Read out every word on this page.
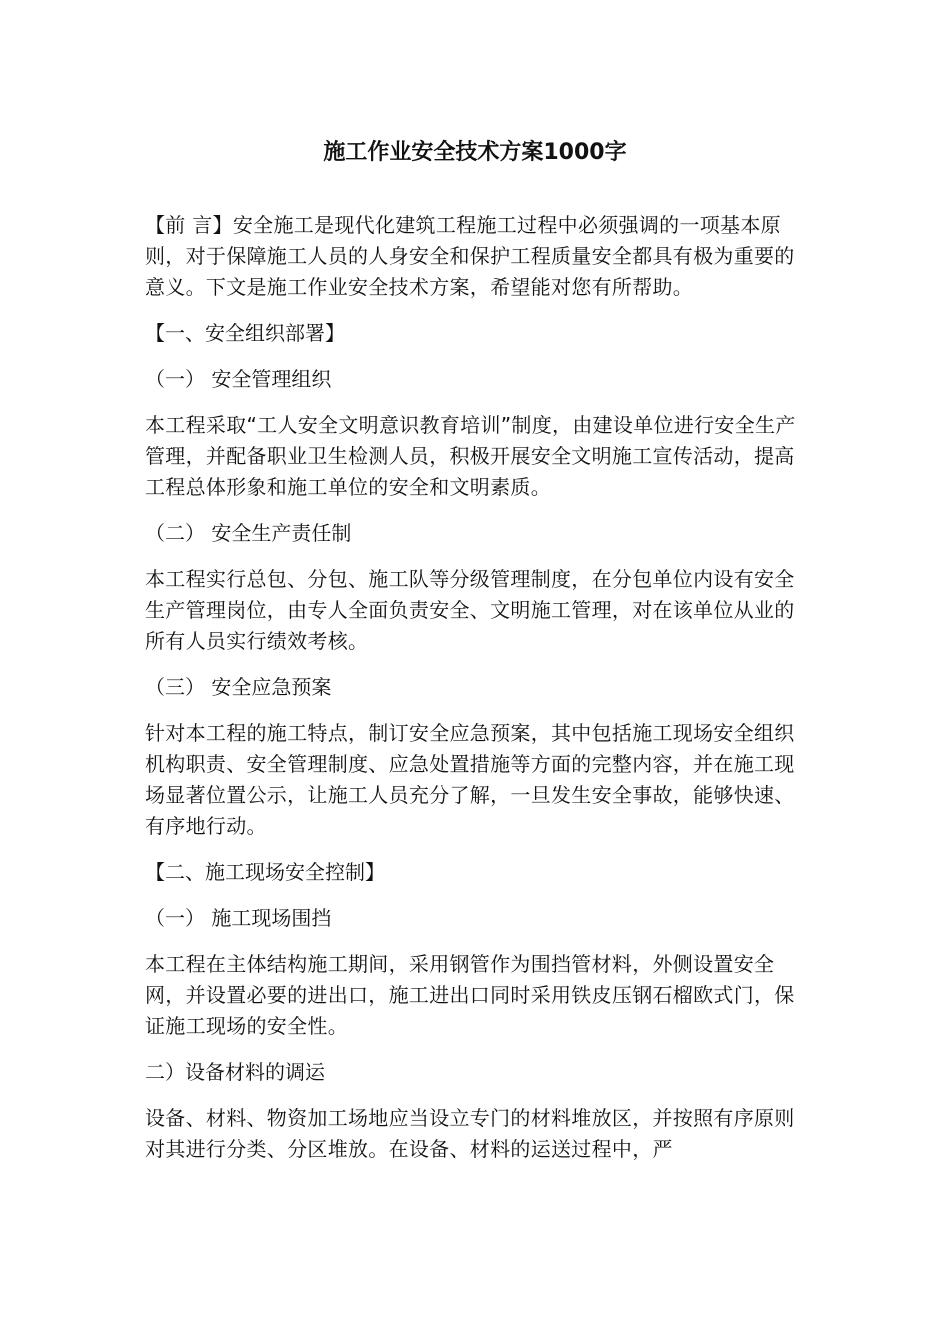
施工作业安全技术方案1000字

【前 言】安全施工是现代化建筑工程施工过程中必须强调的一项基本原则，对于保障施工人员的人身安全和保护工程质量安全都具有极为重要的意义。下文是施工作业安全技术方案，希望能对您有所帮助。

【一、安全组织部署】

（一） 安全管理组织

本工程采取“工人安全文明意识教育培训”制度，由建设单位进行安全生产管理，并配备职业卫生检测人员，积极开展安全文明施工宣传活动，提高工程总体形象和施工单位的安全和文明素质。

（二） 安全生产责任制

本工程实行总包、分包、施工队等分级管理制度，在分包单位内设有安全生产管理岗位，由专人全面负责安全、文明施工管理，对在该单位从业的所有人员实行绩效考核。

（三） 安全应急预案

针对本工程的施工特点，制订安全应急预案，其中包括施工现场安全组织机构职责、安全管理制度、应急处置措施等方面的完整内容，并在施工现场显著位置公示，让施工人员充分了解，一旦发生安全事故，能够快速、有序地行动。

【二、施工现场安全控制】

（一） 施工现场围挡

本工程在主体结构施工期间，采用钢管作为围挡管材料，外侧设置安全网，并设置必要的进出口，施工进出口同时采用铁皮压钢石榴欧式门，保证施工现场的安全性。

二）设备材料的调运

设备、材料、物资加工场地应当设立专门的材料堆放区，并按照有序原则对其进行分类、分区堆放。在设备、材料的运送过程中，严
